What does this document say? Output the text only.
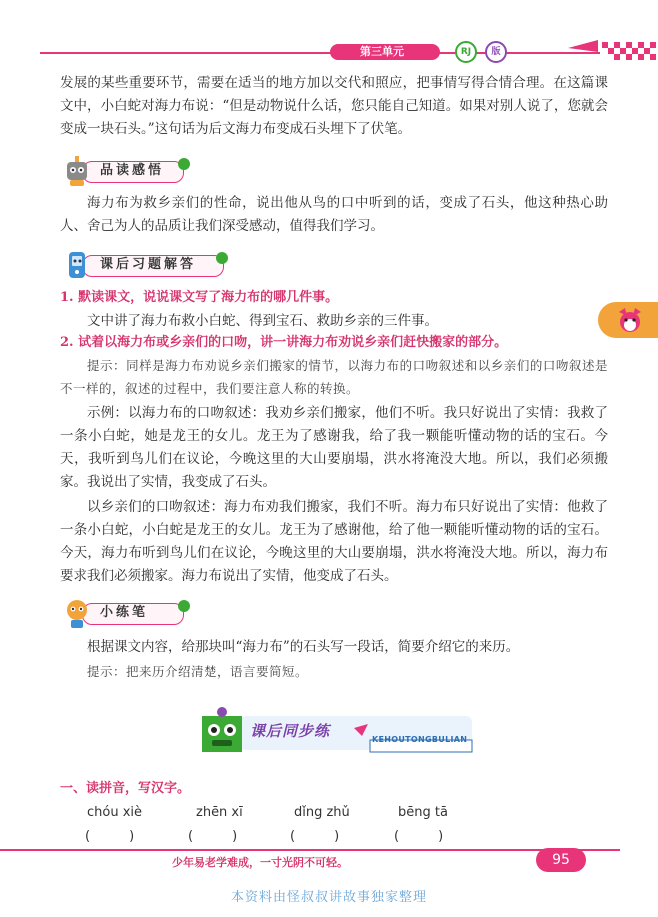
第三单元	RJ	版

发展的某些重要环节，需要在适当的地方加以交代和照应，把事情写得合情合理。在这篇课文中，小白蛇对海力布说：“但是动物说什么话，您只能自己知道。如果对别人说了，您就会变成一块石头。”这句话为后文海力布变成石头埋下了伏笔。

品读感悟

海力布为救乡亲们的性命，说出他从鸟的口中听到的话，变成了石头，他这种热心助人、舍己为人的品质让我们深受感动，值得我们学习。

课后习题解答
1. 默读课文，说说课文写了海力布的哪几件事。

文中讲了海力布救小白蛇、得到宝石、救助乡亲的三件事。

2. 试着以海力布或乡亲们的口吻，讲一讲海力布劝说乡亲们赶快搬家的部分。

提示：同样是海力布劝说乡亲们搬家的情节，以海力布的口吻叙述和以乡亲们的口吻叙述是不一样的，叙述的过程中，我们要注意人称的转换。

示例：以海力布的口吻叙述：我劝乡亲们搬家，他们不听。我只好说出了实情：我救了一条小白蛇，她是龙王的女儿。龙王为了感谢我，给了我一颗能听懂动物的话的宝石。今天，我听到鸟儿们在议论，今晚这里的大山要崩塌，洪水将淹没大地。所以，我们必须搬家。我说出了实情，我变成了石头。

以乡亲们的口吻叙述：海力布劝我们搬家，我们不听。海力布只好说出了实情：他救了一条小白蛇，小白蛇是龙王的女儿。龙王为了感谢他，给了他一颗能听懂动物的话的宝石。今天，海力布听到鸟儿们在议论，今晚这里的大山要崩塌，洪水将淹没大地。所以，海力布要求我们必须搬家。海力布说出了实情，他变成了石头。

小练笔

根据课文内容，给那块叫“海力布”的石头写一段话，简要介绍它的来历。

提示：把来历介绍清楚，语言要简短。

课后同步练	KEHOUTONGBULIAN
一、读拼音，写汉字。
chóu xiè	zhēn xī	dǐng zhǔ	bēng tā
(　　　)	(　　　)	(　　　)	(　　　)
少年易老学难成，一寸光阴不可轻。	95
本资料由怪叔叔讲故事独家整理
